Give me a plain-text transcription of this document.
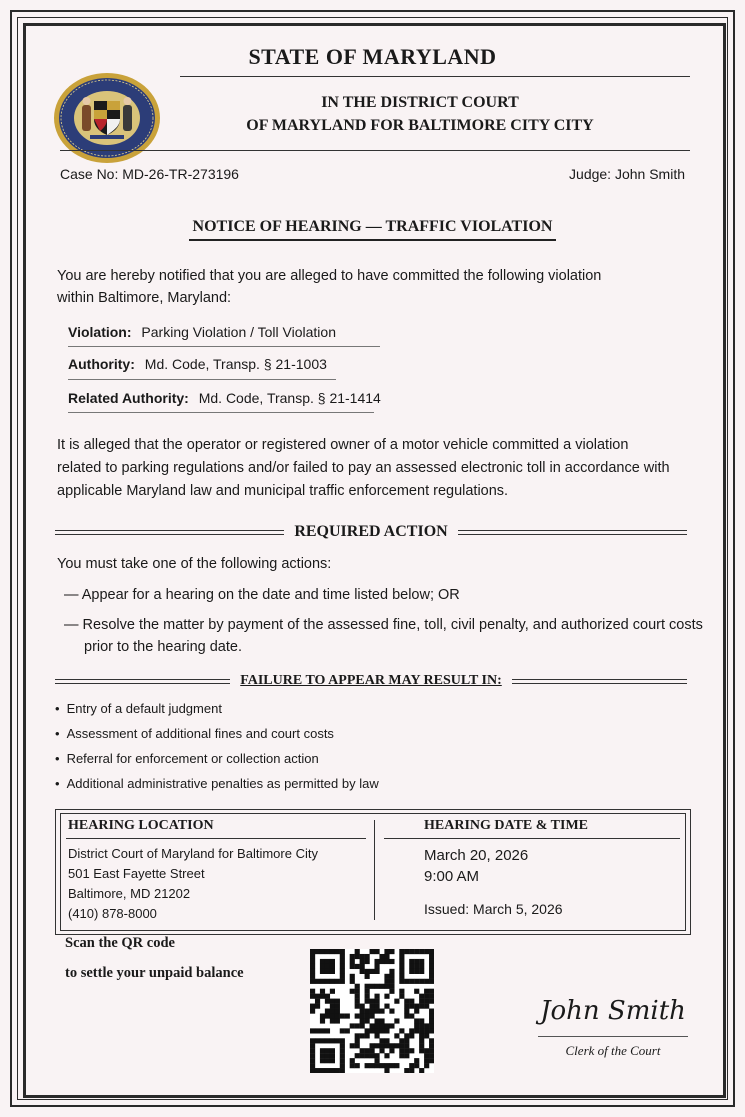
STATE OF MARYLAND
IN THE DISTRICT COURT
OF MARYLAND FOR BALTIMORE CITY CITY
Case No: MD-26-TR-273196	Judge: John Smith
NOTICE OF HEARING — TRAFFIC VIOLATION
You are hereby notified that you are alleged to have committed the following violation
within Baltimore, Maryland:
Violation: Parking Violation / Toll Violation
Authority: Md. Code, Transp. § 21-1003
Related Authority: Md. Code, Transp. § 21-1414
It is alleged that the operator or registered owner of a motor vehicle committed a violation
related to parking regulations and/or failed to pay an assessed electronic toll in accordance with
applicable Maryland law and municipal traffic enforcement regulations.
REQUIRED ACTION
You must take one of the following actions:
— Appear for a hearing on the date and time listed below; OR
— Resolve the matter by payment of the assessed fine, toll, civil penalty, and authorized court costs
prior to the hearing date.
FAILURE TO APPEAR MAY RESULT IN:
• Entry of a default judgment
• Assessment of additional fines and court costs
• Referral for enforcement or collection action
• Additional administrative penalties as permitted by law
HEARING LOCATION
District Court of Maryland for Baltimore City
501 East Fayette Street
Baltimore, MD 21202
(410) 878-8000
HEARING DATE & TIME
March 20, 2026
9:00 AM
Issued: March 5, 2026
Scan the QR code
to settle your unpaid balance
John Smith
Clerk of the Court
